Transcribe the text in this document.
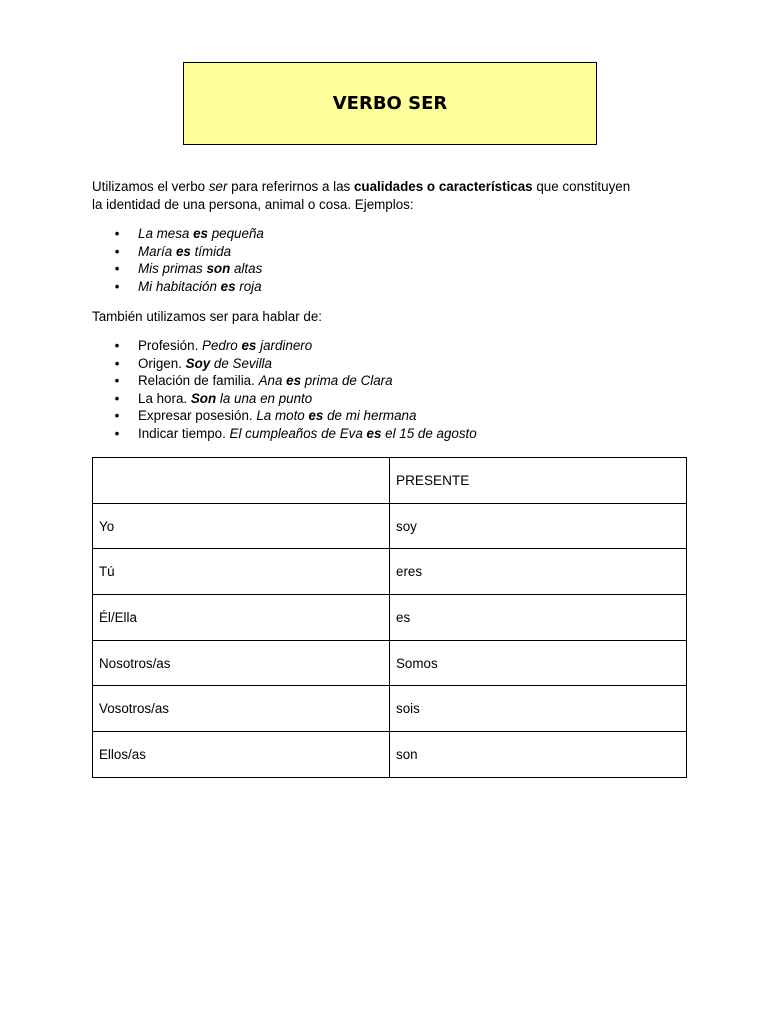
VERBO SER

Utilizamos el verbo ser para referirnos a las cualidades o características que constituyen
la identidad de una persona, animal o cosa. Ejemplos:

• La mesa es pequeña
• María es tímida
• Mis primas son altas
• Mi habitación es roja

También utilizamos ser para hablar de:

• Profesión. Pedro es jardinero
• Origen. Soy de Sevilla
• Relación de familia. Ana es prima de Clara
• La hora. Son la una en punto
• Expresar posesión. La moto es de mi hermana
• Indicar tiempo. El cumpleaños de Eva es el 15 de agosto
	PRESENTE
Yo	soy
Tú	eres
Él/Ella	es
Nosotros/as	Somos
Vosotros/as	sois
Ellos/as	son
